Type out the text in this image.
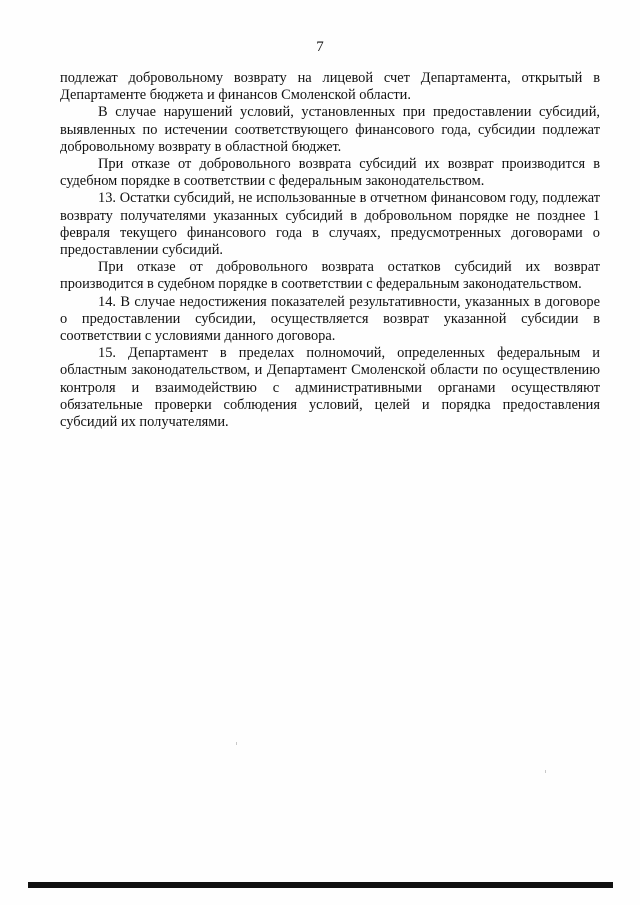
7

подлежат добровольному возврату на лицевой счет Департамента, открытый в Департаменте бюджета и финансов Смоленской области.

В случае нарушений условий, установленных при предоставлении субсидий, выявленных по истечении соответствующего финансового года, субсидии подлежат добровольному возврату в областной бюджет.

При отказе от добровольного возврата субсидий их возврат производится в судебном порядке в соответствии с федеральным законодательством.

13. Остатки субсидий, не использованные в отчетном финансовом году, подлежат возврату получателями указанных субсидий в добровольном порядке не позднее 1 февраля текущего финансового года в случаях, предусмотренных договорами о предоставлении субсидий.

При отказе от добровольного возврата остатков субсидий их возврат производится в судебном порядке в соответствии с федеральным законодательством.

14. В случае недостижения показателей результативности, указанных в договоре о предоставлении субсидии, осуществляется возврат указанной субсидии в соответствии с условиями данного договора.

15. Департамент в пределах полномочий, определенных федеральным и областным законодательством, и Департамент Смоленской области по осуществлению контроля и взаимодействию с административными органами осуществляют обязательные проверки соблюдения условий, целей и порядка предоставления субсидий их получателями.
